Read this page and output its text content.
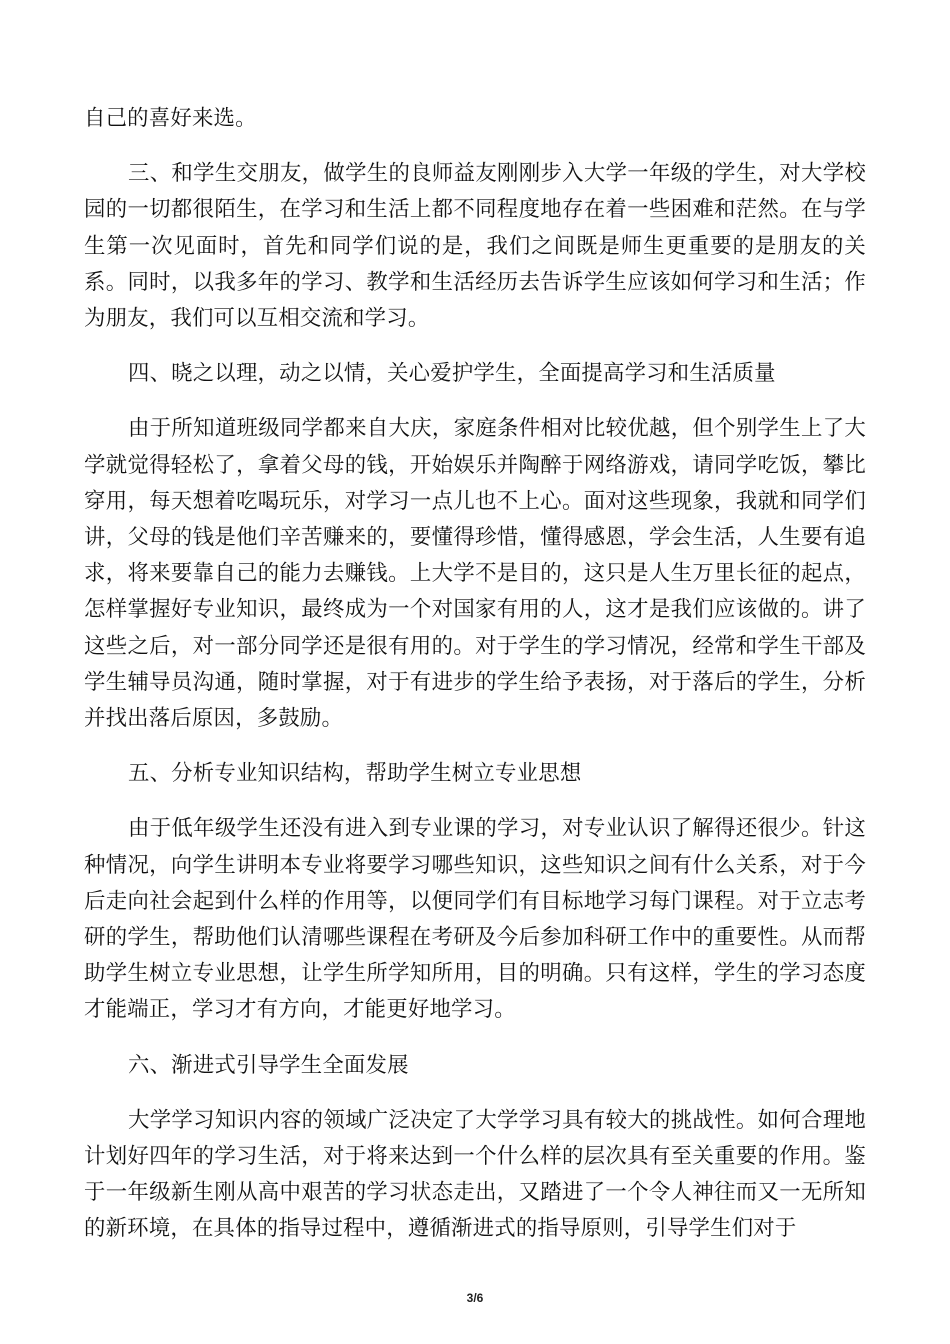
自己的喜好来选。

三、和学生交朋友，做学生的良师益友刚刚步入大学一年级的学生，对大学校园的一切都很陌生，在学习和生活上都不同程度地存在着一些困难和茫然。在与学生第一次见面时，首先和同学们说的是，我们之间既是师生更重要的是朋友的关系。同时，以我多年的学习、教学和生活经历去告诉学生应该如何学习和生活；作为朋友，我们可以互相交流和学习。

四、晓之以理，动之以情，关心爱护学生，全面提高学习和生活质量

由于所知道班级同学都来自大庆，家庭条件相对比较优越，但个别学生上了大学就觉得轻松了，拿着父母的钱，开始娱乐并陶醉于网络游戏，请同学吃饭，攀比穿用，每天想着吃喝玩乐，对学习一点儿也不上心。面对这些现象，我就和同学们讲，父母的钱是他们辛苦赚来的，要懂得珍惜，懂得感恩，学会生活，人生要有追求，将来要靠自己的能力去赚钱。上大学不是目的，这只是人生万里长征的起点，怎样掌握好专业知识，最终成为一个对国家有用的人，这才是我们应该做的。讲了这些之后，对一部分同学还是很有用的。对于学生的学习情况，经常和学生干部及学生辅导员沟通，随时掌握，对于有进步的学生给予表扬，对于落后的学生，分析并找出落后原因，多鼓励。

五、分析专业知识结构，帮助学生树立专业思想

由于低年级学生还没有进入到专业课的学习，对专业认识了解得还很少。针这种情况，向学生讲明本专业将要学习哪些知识，这些知识之间有什么关系，对于今后走向社会起到什么样的作用等，以便同学们有目标地学习每门课程。对于立志考研的学生，帮助他们认清哪些课程在考研及今后参加科研工作中的重要性。从而帮助学生树立专业思想，让学生所学知所用，目的明确。只有这样，学生的学习态度才能端正，学习才有方向，才能更好地学习。

六、渐进式引导学生全面发展

大学学习知识内容的领域广泛决定了大学学习具有较大的挑战性。如何合理地计划好四年的学习生活，对于将来达到一个什么样的层次具有至关重要的作用。鉴于一年级新生刚从高中艰苦的学习状态走出，又踏进了一个令人神往而又一无所知的新环境，在具体的指导过程中，遵循渐进式的指导原则，引导学生们对于

3/6
